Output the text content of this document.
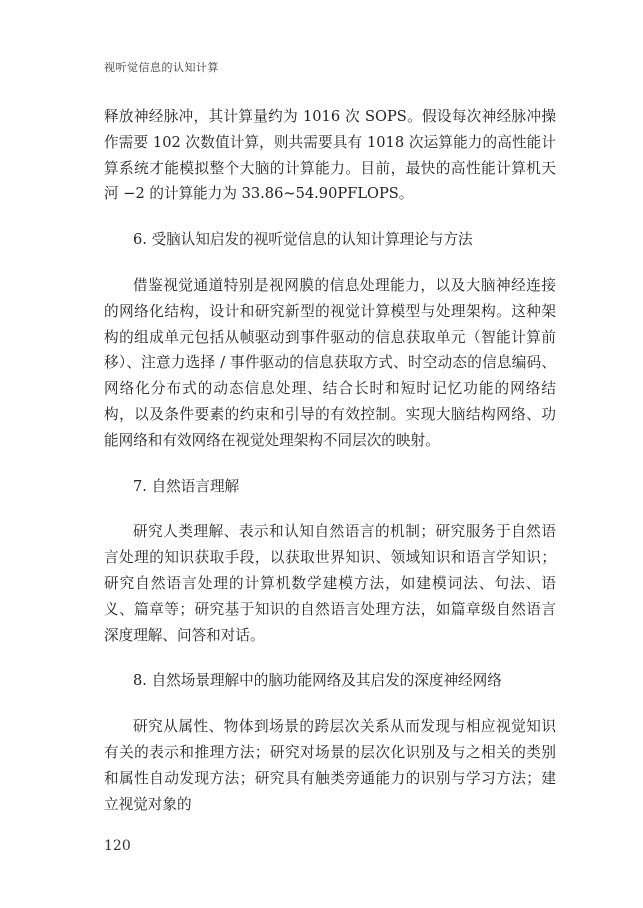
视听觉信息的认知计算

释放神经脉冲，其计算量约为 1016 次 SOPS。假设每次神经脉冲操作需要 102 次数值计算，则共需要具有 1018 次运算能力的高性能计算系统才能模拟整个大脑的计算能力。目前，最快的高性能计算机天河 −2 的计算能力为 33.86~54.90PFLOPS。

6. 受脑认知启发的视听觉信息的认知计算理论与方法

借鉴视觉通道特别是视网膜的信息处理能力，以及大脑神经连接的网络化结构，设计和研究新型的视觉计算模型与处理架构。这种架构的组成单元包括从帧驱动到事件驱动的信息获取单元（智能计算前移）、注意力选择 / 事件驱动的信息获取方式、时空动态的信息编码、网络化分布式的动态信息处理、结合长时和短时记忆功能的网络结构，以及条件要素的约束和引导的有效控制。实现大脑结构网络、功能网络和有效网络在视觉处理架构不同层次的映射。

7. 自然语言理解

研究人类理解、表示和认知自然语言的机制；研究服务于自然语言处理的知识获取手段，以获取世界知识、领域知识和语言学知识；研究自然语言处理的计算机数学建模方法，如建模词法、句法、语义、篇章等；研究基于知识的自然语言处理方法，如篇章级自然语言深度理解、问答和对话。

8. 自然场景理解中的脑功能网络及其启发的深度神经网络

研究从属性、物体到场景的跨层次关系从而发现与相应视觉知识有关的表示和推理方法；研究对场景的层次化识别及与之相关的类别和属性自动发现方法；研究具有触类旁通能力的识别与学习方法；建立视觉对象的

120
